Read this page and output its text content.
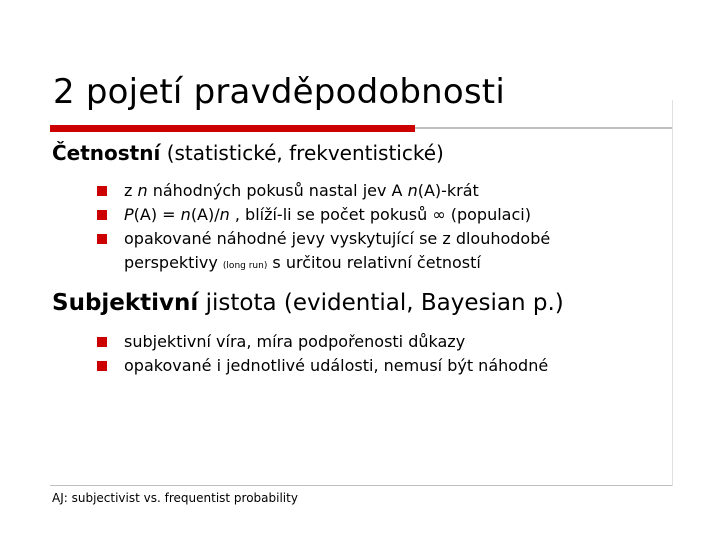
2 pojetí pravděpodobnosti
Četnostní (statistické, frekventistické)
z n náhodných pokusů nastal jev A n(A)-krát
P(A) = n(A)/n , blíží-li se počet pokusů ∞ (populaci)
opakované náhodné jevy vyskytující se z dlouhodobé
perspektivy (long run) s určitou relativní četností
Subjektivní jistota (evidential, Bayesian p.)
subjektivní víra, míra podpořenosti důkazy
opakované i jednotlivé události, nemusí být náhodné
AJ: subjectivist vs. frequentist probability
